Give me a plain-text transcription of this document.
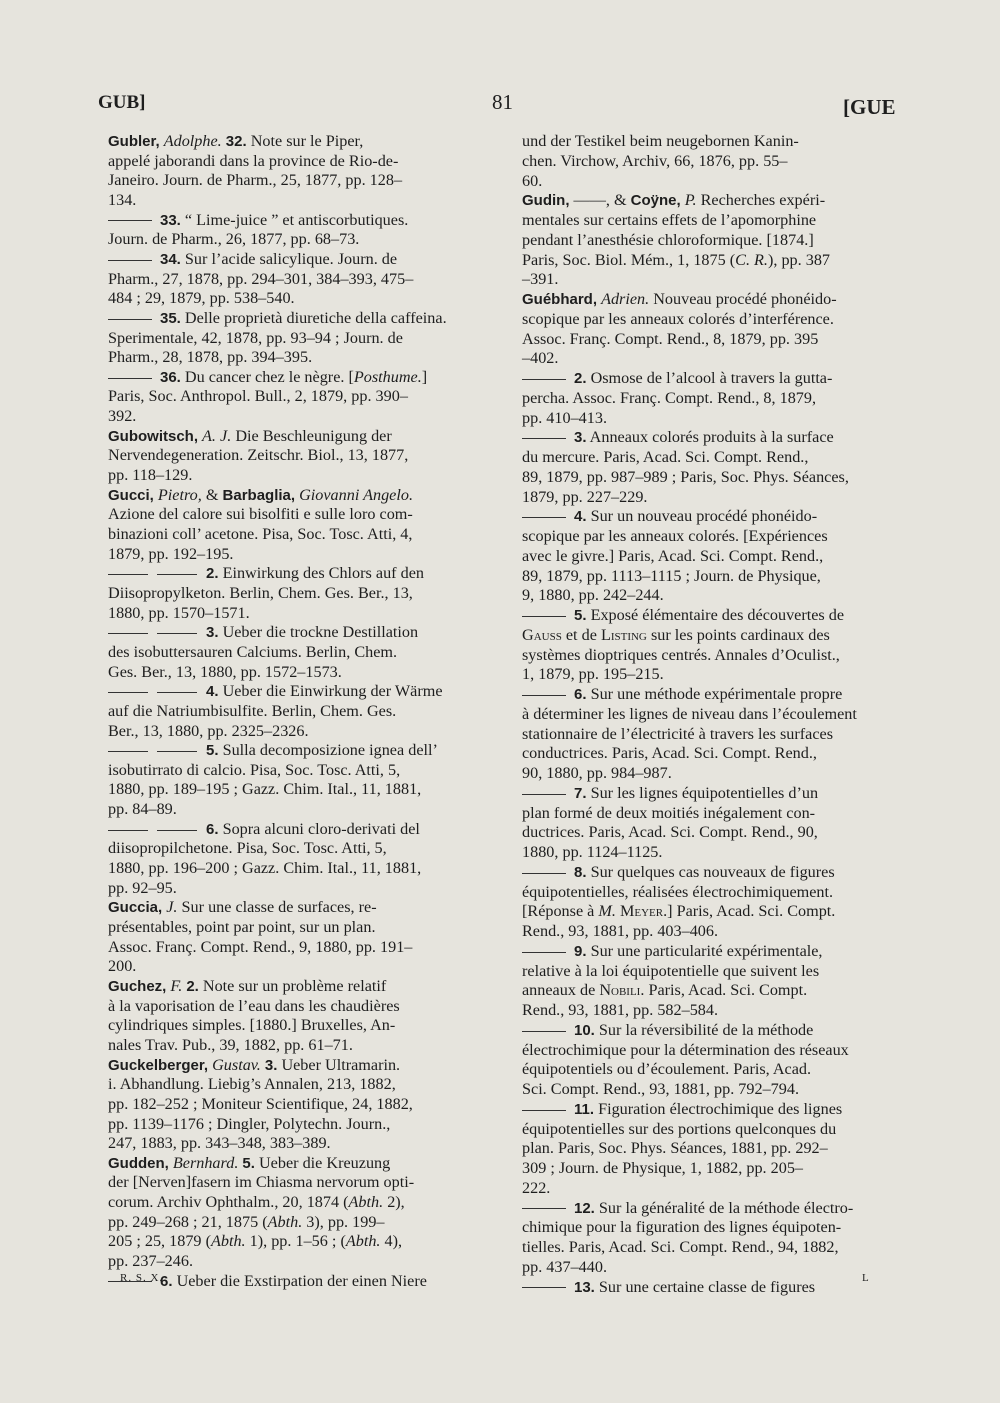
GUB]	81	[GUE
Gubler, Adolphe. 32. Note sur le Piper,
appelé jaborandi dans la province de Rio-de-
Janeiro. Journ. de Pharm., 25, 1877, pp. 128–
134.
33. “ Lime-juice ” et antiscorbutiques.
Journ. de Pharm., 26, 1877, pp. 68–73.
34. Sur l’acide salicylique. Journ. de
Pharm., 27, 1878, pp. 294–301, 384–393, 475–
484 ; 29, 1879, pp. 538–540.
35. Delle proprietà diuretiche della caffeina.
Sperimentale, 42, 1878, pp. 93–94 ; Journ. de
Pharm., 28, 1878, pp. 394–395.
36. Du cancer chez le nègre. [Posthume.]
Paris, Soc. Anthropol. Bull., 2, 1879, pp. 390–
392.
Gubowitsch, A. J. Die Beschleunigung der
Nervendegeneration. Zeitschr. Biol., 13, 1877,
pp. 118–129.
Gucci, Pietro, & Barbaglia, Giovanni Angelo.
Azione del calore sui bisolfiti e sulle loro com-
binazioni coll’ acetone. Pisa, Soc. Tosc. Atti, 4,
1879, pp. 192–195.
2. Einwirkung des Chlors auf den
Diisopropylketon. Berlin, Chem. Ges. Ber., 13,
1880, pp. 1570–1571.
3. Ueber die trockne Destillation
des isobuttersauren Calciums. Berlin, Chem.
Ges. Ber., 13, 1880, pp. 1572–1573.
4. Ueber die Einwirkung der Wärme
auf die Natriumbisulfite. Berlin, Chem. Ges.
Ber., 13, 1880, pp. 2325–2326.
5. Sulla decomposizione ignea dell’
isobutirrato di calcio. Pisa, Soc. Tosc. Atti, 5,
1880, pp. 189–195 ; Gazz. Chim. Ital., 11, 1881,
pp. 84–89.
6. Sopra alcuni cloro-derivati del
diisopropilchetone. Pisa, Soc. Tosc. Atti, 5,
1880, pp. 196–200 ; Gazz. Chim. Ital., 11, 1881,
pp. 92–95.
Guccia, J. Sur une classe de surfaces, re-
présentables, point par point, sur un plan.
Assoc. Franç. Compt. Rend., 9, 1880, pp. 191–
200.
Guchez, F. 2. Note sur un problème relatif
à la vaporisation de l’eau dans les chaudières
cylindriques simples. [1880.] Bruxelles, An-
nales Trav. Pub., 39, 1882, pp. 61–71.
Guckelberger, Gustav. 3. Ueber Ultramarin.
i. Abhandlung. Liebig’s Annalen, 213, 1882,
pp. 182–252 ; Moniteur Scientifique, 24, 1882,
pp. 1139–1176 ; Dingler, Polytechn. Journ.,
247, 1883, pp. 343–348, 383–389.
Gudden, Bernhard. 5. Ueber die Kreuzung
der [Nerven]fasern im Chiasma nervorum opti-
corum. Archiv Ophthalm., 20, 1874 (Abth. 2),
pp. 249–268 ; 21, 1875 (Abth. 3), pp. 199–
205 ; 25, 1879 (Abth. 1), pp. 1–56 ; (Abth. 4),
pp. 237–246.
6. Ueber die Exstirpation der einen Niere
und der Testikel beim neugebornen Kanin-
chen. Virchow, Archiv, 66, 1876, pp. 55–
60.
Gudin, ——, & Coÿne, P. Recherches expéri-
mentales sur certains effets de l’apomorphine
pendant l’anesthésie chloroformique. [1874.]
Paris, Soc. Biol. Mém., 1, 1875 (C. R.), pp. 387
–391.
Guébhard, Adrien. Nouveau procédé phonéido-
scopique par les anneaux colorés d’interférence.
Assoc. Franç. Compt. Rend., 8, 1879, pp. 395
–402.
2. Osmose de l’alcool à travers la gutta-
percha. Assoc. Franç. Compt. Rend., 8, 1879,
pp. 410–413.
3. Anneaux colorés produits à la surface
du mercure. Paris, Acad. Sci. Compt. Rend.,
89, 1879, pp. 987–989 ; Paris, Soc. Phys. Séances,
1879, pp. 227–229.
4. Sur un nouveau procédé phonéido-
scopique par les anneaux colorés. [Expériences
avec le givre.] Paris, Acad. Sci. Compt. Rend.,
89, 1879, pp. 1113–1115 ; Journ. de Physique,
9, 1880, pp. 242–244.
5. Exposé élémentaire des découvertes de
Gauss et de Listing sur les points cardinaux des
systèmes dioptriques centrés. Annales d’Oculist.,
1, 1879, pp. 195–215.
6. Sur une méthode expérimentale propre
à déterminer les lignes de niveau dans l’écoulement
stationnaire de l’électricité à travers les surfaces
conductrices. Paris, Acad. Sci. Compt. Rend.,
90, 1880, pp. 984–987.
7. Sur les lignes équipotentielles d’un
plan formé de deux moitiés inégalement con-
ductrices. Paris, Acad. Sci. Compt. Rend., 90,
1880, pp. 1124–1125.
8. Sur quelques cas nouveaux de figures
équipotentielles, réalisées électrochimiquement.
[Réponse à M. Meyer.] Paris, Acad. Sci. Compt.
Rend., 93, 1881, pp. 403–406.
9. Sur une particularité expérimentale,
relative à la loi équipotentielle que suivent les
anneaux de Nobili. Paris, Acad. Sci. Compt.
Rend., 93, 1881, pp. 582–584.
10. Sur la réversibilité de la méthode
électrochimique pour la détermination des réseaux
équipotentiels ou d’écoulement. Paris, Acad.
Sci. Compt. Rend., 93, 1881, pp. 792–794.
11. Figuration électrochimique des lignes
équipotentielles sur des portions quelconques du
plan. Paris, Soc. Phys. Séances, 1881, pp. 292–
309 ; Journ. de Physique, 1, 1882, pp. 205–
222.
12. Sur la généralité de la méthode électro-
chimique pour la figuration des lignes équipoten-
tielles. Paris, Acad. Sci. Compt. Rend., 94, 1882,
pp. 437–440.
13. Sur une certaine classe de figures
R. S. X.	L
